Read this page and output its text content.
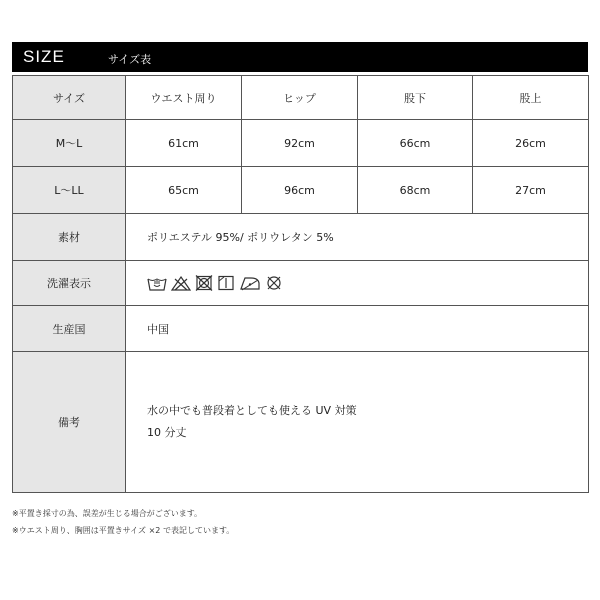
SIZE	サイズ表
サイズ	ウエスト周り	ヒップ	股下	股上
M〜L	61cm	92cm	66cm	26cm
L〜LL	65cm	96cm	68cm	27cm
素材	ポリエステル 95%/ ポリウレタン 5%			
洗濯表示	

生産国	中国			
備考	水の中でも普段着としても使える UV 対策
10 分丈			
※平置き採寸の為、誤差が生じる場合がございます。
※ウエスト周り、胸囲は平置きサイズ ×2 で表記しています。
